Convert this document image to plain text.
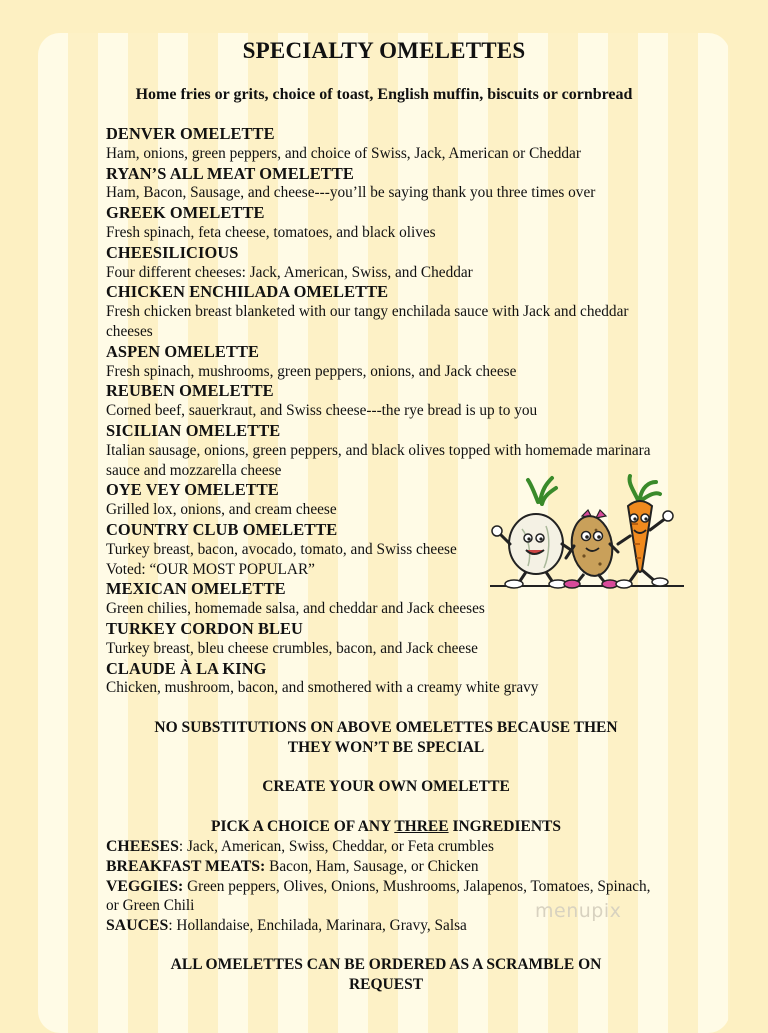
SPECIALTY OMELETTES
Home fries or grits, choice of toast, English muffin, biscuits or cornbread
DENVER OMELETTE
Ham, onions, green peppers, and choice of Swiss, Jack, American or Cheddar
RYAN’S ALL MEAT OMELETTE
Ham, Bacon, Sausage, and cheese---you’ll be saying thank you three times over
GREEK OMELETTE
Fresh spinach, feta cheese, tomatoes, and black olives
CHEESILICIOUS
Four different cheeses: Jack, American, Swiss, and Cheddar
CHICKEN ENCHILADA OMELETTE
Fresh chicken breast blanketed with our tangy enchilada sauce with Jack and cheddar cheeses
ASPEN OMELETTE
Fresh spinach, mushrooms, green peppers, onions, and Jack cheese
REUBEN OMELETTE
Corned beef, sauerkraut, and Swiss cheese---the rye bread is up to you
SICILIAN OMELETTE
Italian sausage, onions, green peppers, and black olives topped with homemade marinara sauce and mozzarella cheese
OYE VEY OMELETTE
Grilled lox, onions, and cream cheese
COUNTRY CLUB OMELETTE
Turkey breast, bacon, avocado, tomato, and Swiss cheese
Voted: “OUR MOST POPULAR”
MEXICAN OMELETTE
Green chilies, homemade salsa, and cheddar and Jack cheeses
TURKEY CORDON BLEU
Turkey breast, bleu cheese crumbles, bacon, and Jack cheese
CLAUDE À LA KING
Chicken, mushroom, bacon, and smothered with a creamy white gravy
NO SUBSTITUTIONS ON ABOVE OMELETTES BECAUSE THEN
THEY WON’T BE SPECIAL
CREATE YOUR OWN OMELETTE
PICK A CHOICE OF ANY THREE INGREDIENTS
CHEESES: Jack, American, Swiss, Cheddar, or Feta crumbles
BREAKFAST MEATS: Bacon, Ham, Sausage, or Chicken
VEGGIES: Green peppers, Olives, Onions, Mushrooms, Jalapenos, Tomatoes, Spinach, or Green Chili
SAUCES: Hollandaise, Enchilada, Marinara, Gravy, Salsa
ALL OMELETTES CAN BE ORDERED AS A SCRAMBLE ON
REQUEST
menupix
